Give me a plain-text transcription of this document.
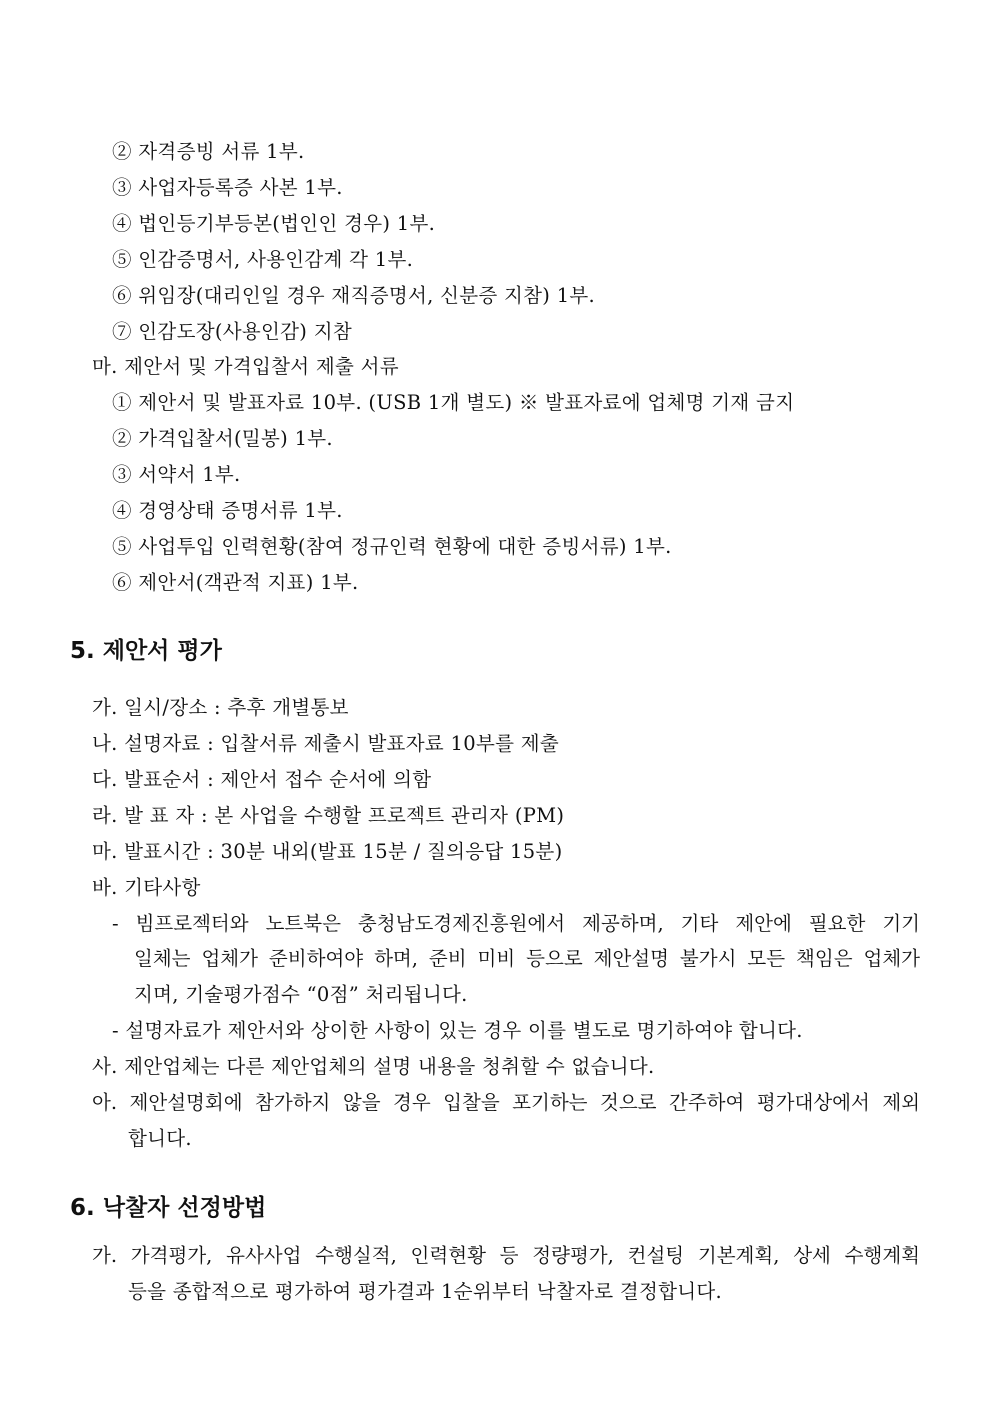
② 자격증빙 서류 1부.
③ 사업자등록증 사본 1부.
④ 법인등기부등본(법인인 경우) 1부.
⑤ 인감증명서, 사용인감계 각 1부.
⑥ 위임장(대리인일 경우 재직증명서, 신분증 지참) 1부.
⑦ 인감도장(사용인감) 지참
마. 제안서 및 가격입찰서 제출 서류
① 제안서 및 발표자료 10부. (USB 1개 별도) ※ 발표자료에 업체명 기재 금지
② 가격입찰서(밀봉) 1부.
③ 서약서 1부.
④ 경영상태 증명서류 1부.
⑤ 사업투입 인력현황(참여 정규인력 현황에 대한 증빙서류) 1부.
⑥ 제안서(객관적 지표) 1부.
5. 제안서 평가
가. 일시/장소 : 추후 개별통보
나. 설명자료 : 입찰서류 제출시 발표자료 10부를 제출
다. 발표순서 : 제안서 접수 순서에 의함
라. 발 표 자 : 본 사업을 수행할 프로젝트 관리자 (PM)
마. 발표시간 : 30분 내외(발표 15분 / 질의응답 15분)
바. 기타사항
- 빔프로젝터와 노트북은 충청남도경제진흥원에서 제공하며, 기타 제안에 필요한 기기
일체는 업체가 준비하여야 하며, 준비 미비 등으로 제안설명 불가시 모든 책임은 업체가
지며, 기술평가점수 “0점” 처리됩니다.
- 설명자료가 제안서와 상이한 사항이 있는 경우 이를 별도로 명기하여야 합니다.
사. 제안업체는 다른 제안업체의 설명 내용을 청취할 수 없습니다.
아. 제안설명회에 참가하지 않을 경우 입찰을 포기하는 것으로 간주하여 평가대상에서 제외
합니다.
6. 낙찰자 선정방법
가. 가격평가, 유사사업 수행실적, 인력현황 등 정량평가, 컨설팅 기본계획, 상세 수행계획
등을 종합적으로 평가하여 평가결과 1순위부터 낙찰자로 결정합니다.
